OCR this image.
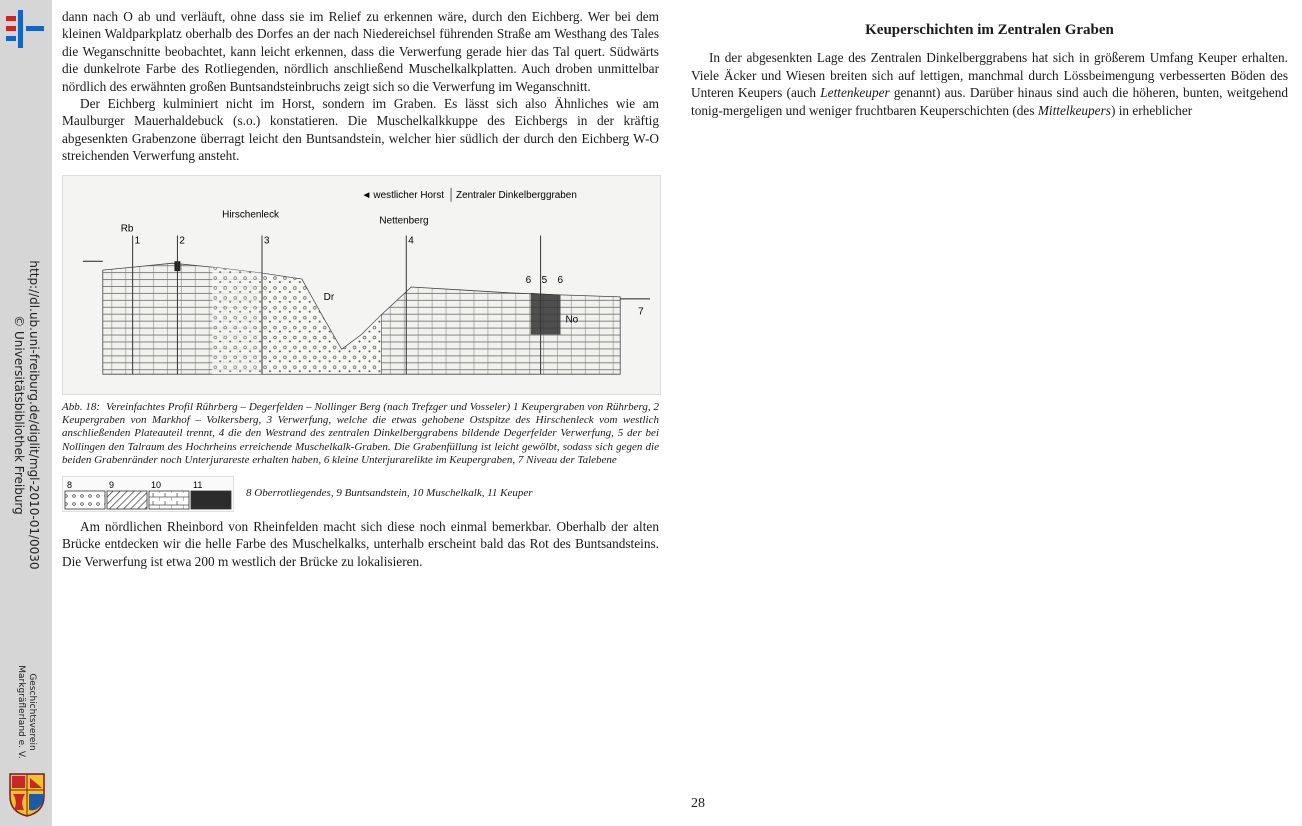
http://dl.ub.uni-freiburg.de/diglit/mgl-2010-01/0030
© Universitätsbibliothek Freiburg
Geschichtsverein
Markgräflerland e. V.

dann nach O ab und verläuft, ohne dass sie im Relief zu erkennen wäre, durch den Eichberg. Wer bei dem kleinen Waldparkplatz oberhalb des Dorfes an der nach Niedereichsel führenden Straße am Westhang des Tales die Weganschnitte beobachtet, kann leicht erkennen, dass die Verwerfung gerade hier das Tal quert. Südwärts die dunkelrote Farbe des Rotliegenden, nördlich anschließend Muschelkalkplatten. Auch droben unmittelbar nördlich des erwähnten großen Buntsandsteinbruchs zeigt sich so die Verwerfung im Weganschnitt.

Der Eichberg kulminiert nicht im Horst, sondern im Graben. Es lässt sich also Ähnliches wie am Maulburger Mauerhaldebuck (s.o.) konstatieren. Die Muschelkalkkuppe des Eichbergs in der kräftig abgesenkten Grabenzone überragt leicht den Buntsandstein, welcher hier südlich der durch den Eichberg W-O streichenden Verwerfung ansteht.

Rb
1	2
Hirschenleck
3
Dr
◄ westlicher Horst Zentraler Dinkelberggraben
Nettenberg
4
6 5 6
No
7
Abb. 18: Vereinfachtes Profil Rührberg – Degerfelden – Nollinger Berg (nach Trefzger und Vosseler) 1 Keupergraben von Rührberg, 2 Keupergraben von Markhof – Volkersberg, 3 Verwerfung, welche die etwas gehobene Ostspitze des Hirschenleck vom westlich anschließenden Plateauteil trennt, 4 die den Westrand des zentralen Dinkelberggrabens bildende Degerfelder Verwerfung, 5 der bei Nollingen den Talraum des Hochrheins erreichende Muschelkalk-Graben. Die Grabenfüllung ist leicht gewölbt, sodass sich gegen die beiden Grabenränder noch Unterjurareste erhalten haben, 6 kleine Unterjurarelikte im Keupergraben, 7 Niveau der Talebene
8	9	10	11
8 Oberrotliegendes, 9 Buntsandstein, 10 Muschelkalk, 11 Keuper

Am nördlichen Rheinbord von Rheinfelden macht sich diese noch einmal bemerkbar. Oberhalb der alten Brücke entdecken wir die helle Farbe des Muschelkalks, unterhalb erscheint bald das Rot des Buntsandsteins. Die Verwerfung ist etwa 200 m westlich der Brücke zu lokalisieren.

Keuperschichten im Zentralen Graben

In der abgesenkten Lage des Zentralen Dinkelberggrabens hat sich in größerem Umfang Keuper erhalten. Viele Äcker und Wiesen breiten sich auf lettigen, manchmal durch Lössbeimengung verbesserten Böden des Unteren Keupers (auch Lettenkeuper genannt) aus. Darüber hinaus sind auch die höheren, bunten, weitgehend tonig-mergeligen und weniger fruchtbaren Keuperschichten (des Mittelkeupers) in erheblicher

28
